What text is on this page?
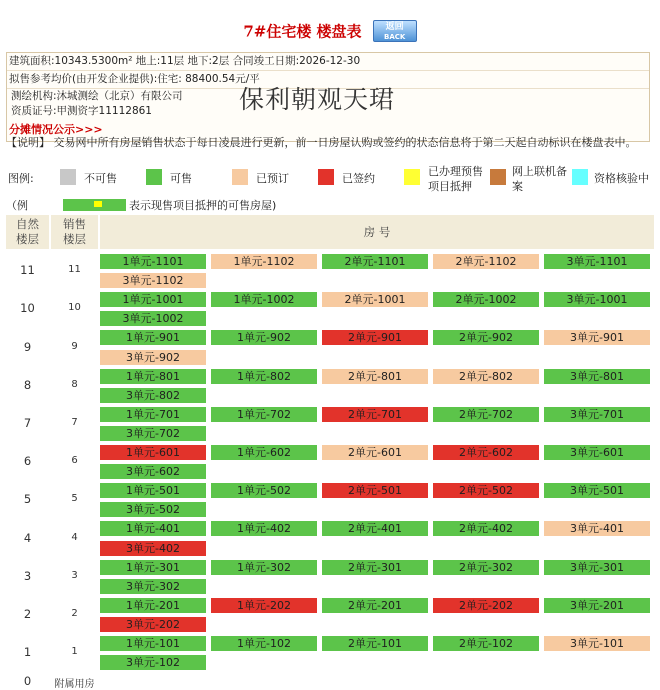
7#住宅楼 楼盘表	返回
BACK
建筑面积:10343.5300m² 地上:11层 地下:2层 合同竣工日期:2026-12-30
拟售参考均价(由开发企业提供):住宅: 88400.54元/平
测绘机构:沐城测绘（北京）有限公司
资质证号:甲测资字11112861	保利朝观天珺
分摊情况公示>>>
【说明】 交易网中所有房屋销售状态于每日凌晨进行更新，前一日房屋认购或签约的状态信息将于第二天起自动标识在楼盘表中。
图例:	不可售	可售	已预订	已签约
已办理预售
项目抵押
网上联机备
案
资格核验中
（例	表示现售项目抵押的可售房屋)
自然
楼层
销售
楼层	房 号
11	11
1单元-1101	1单元-1102	2单元-1101	2单元-1102	3单元-1101
3单元-1102
10	10
1单元-1001	1单元-1002	2单元-1001	2单元-1002	3单元-1001
3单元-1002
9	9
1单元-901	1单元-902	2单元-901	2单元-902	3单元-901
3单元-902
8	8
1单元-801	1单元-802	2单元-801	2单元-802	3单元-801
3单元-802
7	7
1单元-701	1单元-702	2单元-701	2单元-702	3单元-701
3单元-702
6	6
1单元-601	1单元-602	2单元-601	2单元-602	3单元-601
3单元-602
5	5
1单元-501	1单元-502	2单元-501	2单元-502	3单元-501
3单元-502
4	4
1单元-401	1单元-402	2单元-401	2单元-402	3单元-401
3单元-402
3	3
1单元-301	1单元-302	2单元-301	2单元-302	3单元-301
3单元-302
2	2
1单元-201	1单元-202	2单元-201	2单元-202	3单元-201
3单元-202
1	1
1单元-101	1单元-102	2单元-101	2单元-102	3单元-101
3单元-102
0	附属用房
